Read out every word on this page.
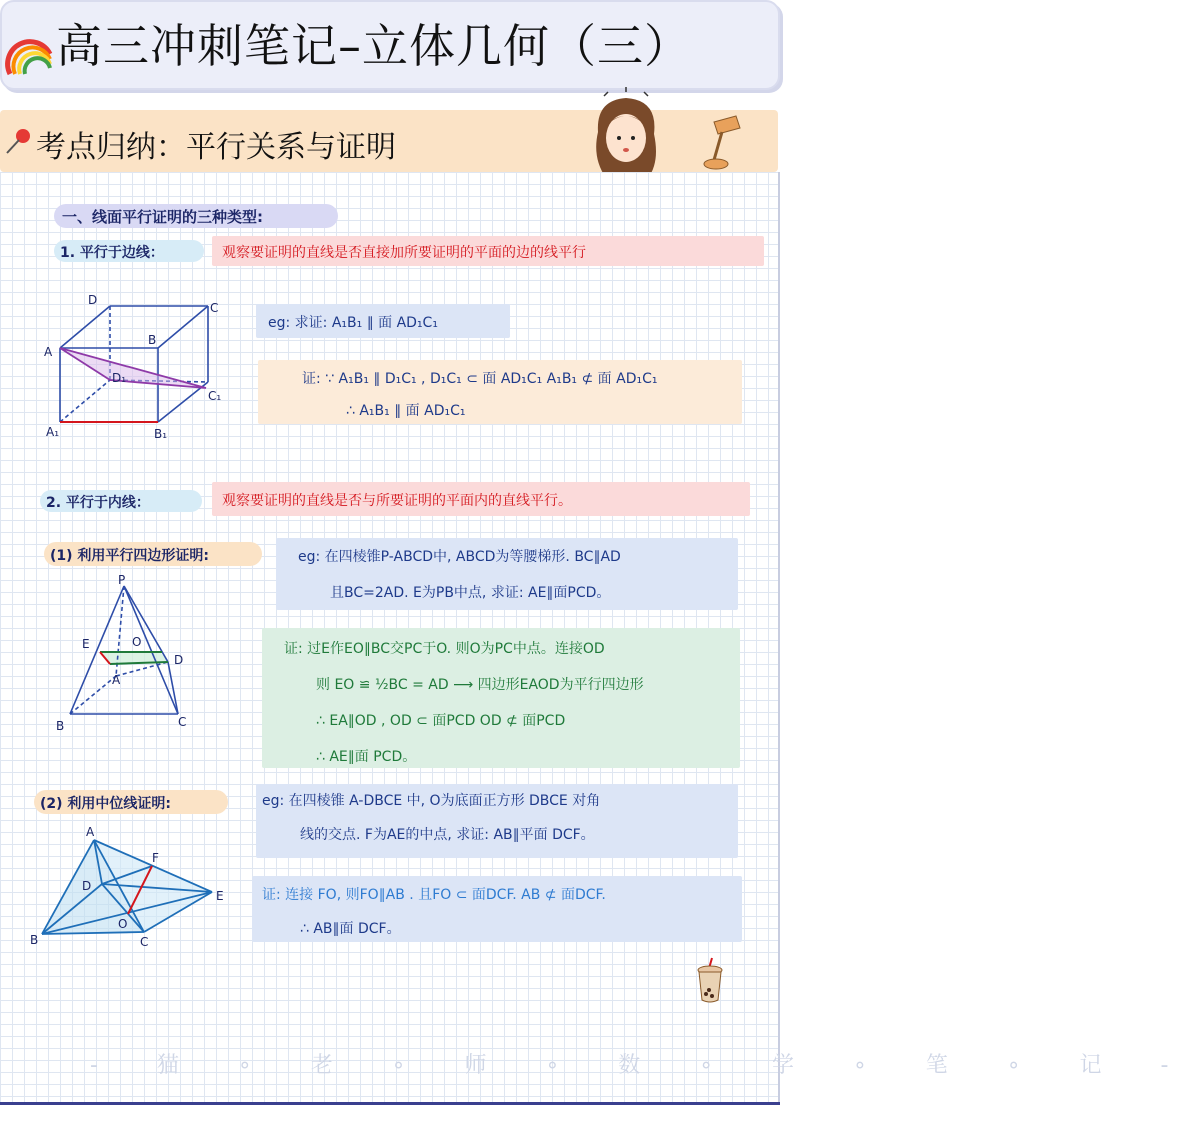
高三冲刺笔记–立体几何（三）
考点归纳：平行关系与证明
一、线面平行证明的三种类型:
1. 平行于边线：	观察要证明的直线是否直接加所要证明的平面的边的线平行
D
C
B
A
D₁
C₁
A₁	B₁
eg: 求证: A₁B₁ ∥ 面 AD₁C₁
证: ∵ A₁B₁ ∥ D₁C₁ , D₁C₁ ⊂ 面 AD₁C₁ A₁B₁ ⊄ 面 AD₁C₁
∴ A₁B₁ ∥ 面 AD₁C₁
2. 平行于内线：	观察要证明的直线是否与所要证明的平面内的直线平行。
(1) 利用平行四边形证明:	eg: 在四棱锥P-ABCD中, ABCD为等腰梯形. BC∥AD
且BC=2AD. E为PB中点, 求证: AE∥面PCD。
P
E	O
D
A
B	C
证: 过E作EO∥BC交PC于O. 则O为PC中点。连接OD
则 EO ≌ ½BC = AD ⟶ 四边形EAOD为平行四边形
∴ EA∥OD , OD ⊂ 面PCD OD ⊄ 面PCD
∴ AE∥面 PCD。
(2) 利用中位线证明:	eg: 在四棱锥 A-DBCE 中, O为底面正方形 DBCE 对角
线的交点. F为AE的中点, 求证: AB∥平面 DCF。
A
F
D
E
O
B	C
证: 连接 FO, 则FO∥AB . 且FO ⊂ 面DCF. AB ⊄ 面DCF.
∴ AB∥面 DCF。
- 猫 ∘ 老 ∘ 师 ∘ 数 ∘ 学 ∘ 笔 ∘ 记 -
